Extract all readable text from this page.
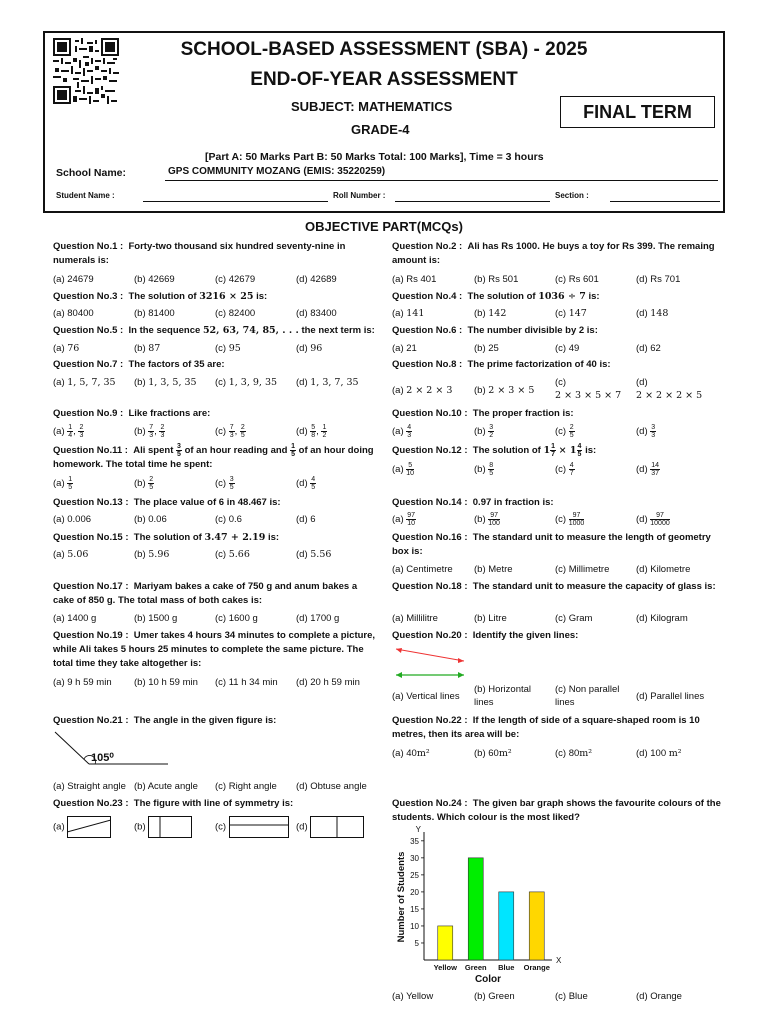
SCHOOL-BASED ASSESSMENT (SBA) - 2025
END-OF-YEAR ASSESSMENT
SUBJECT: MATHEMATICS
GRADE-4
FINAL TERM
[Part A: 50 Marks Part B: 50 Marks Total: 100 Marks], Time = 3 hours
School Name:	GPS COMMUNITY MOZANG (EMIS: 35220259)
Student Name :	Roll Number :	Section :
OBJECTIVE PART(MCQs)
Question No.1 : Forty-two thousand six hundred seventy-nine in numerals is:
(a) 24679	(b) 42669	(c) 42679	(d) 42689
Question No.2 : Ali has Rs 1000. He buys a toy for Rs 399. The remaing amount is:
(a) Rs 401	(b) Rs 501	(c) Rs 601	(d) Rs 701
Question No.3 : The solution of 3216 × 25 is:
(a) 80400	(b) 81400	(c) 82400	(d) 83400
Question No.4 : The solution of 1036 ÷ 7 is:
(a) 141	(b) 142	(c) 147	(d) 148
Question No.5 : In the sequence 52, 63, 74, 85, . . . the next term is:
(a) 76	(b) 87	(c) 95	(d) 96
Question No.6 : The number divisible by 2 is:
(a) 21	(b) 25	(c) 49	(d) 62
Question No.7 : The factors of 35 are:
(a) 1, 5, 7, 35 (b) 1, 3, 5, 35 (c) 1, 3, 9, 35 (d) 1, 3, 7, 35
Question No.8 : The prime factorization of 40 is:
(a) 2 × 2 × 3 (b) 2 × 3 × 5
(c)
2 × 3 × 5 × 7
(d)
2 × 2 × 2 × 5
Question No.9 : Like fractions are:
$(a) \frac{1}{4}$ , $\frac{2}{3}$	$(b) \frac{7}{3}$ , $\frac{2}{3}$	$(c) \frac{7}{3}$ , $\frac{2}{5}$	$(d) \frac{5}{8}$ , $\frac{1}{2}$
Question No.10 : The proper fraction is:
$(a) \frac{4}{3}$	$(b) \frac{3}{2}$	$(c) \frac{2}{5}$	$(d) \frac{3}{3}$
Question No.11 : Ali spent $\frac{3}{5}$ of an hour reading and $\frac{1}{5}$ of an hour doing homework. The total time he spent:
$(a) \frac{1}{5}$	$(b) \frac{2}{5}$	$(c) \frac{3}{5}$	$(d) \frac{4}{5}$
Question No.12 : The solution of $1 \frac{1}{7} \times 1 \frac{4}{5}$ is:
$(a) \frac{5}{10}$	$(b) \frac{8}{5}$	$(c) \frac{4}{7}$	$(d) \frac{14}{37}$
Question No.13 : The place value of 6 in 48.467 is:
(a) 0.006	(b) 0.06	(c) 0.6	(d) 6
Question No.14 : 0.97 in fraction is:
$(a) \frac{97}{10}$	$(b) \frac{97}{100}$	$(c) \frac{97}{1000}$	$(d) \frac{97}{10000}$
Question No.15 : The solution of 3.47 + 2.19 is:
(a) 5.06	(b) 5.96	(c) 5.66	(d) 5.56
Question No.16 : The standard unit to measure the length of geometry box is:
(a) Centimetre (b) Metre	(c) Millimetre	(d) Kilometre
Question No.17 : Mariyam bakes a cake of 750 g and anum bakes a cake of 850 g. The total mass of both cakes is:
(a) 1400 g	(b) 1500 g	(c) 1600 g	(d) 1700 g
Question No.18 : The standard unit to measure the capacity of glass is:
(a) Millilitre	(b) Litre	(c) Gram	(d) Kilogram
Question No.19 : Umer takes 4 hours 34 minutes to complete a picture, while Ali takes 5 hours 25 minutes to complete the same picture. The total time they take altogether is:
(a) 9 h 59 min (b) 10 h 59 min (c) 11 h 34 min (d) 20 h 59 min
Question No.20 : Identify the given lines:
(a) Vertical lines
(b) Horizontal lines
(c) Non parallel lines
(d) Parallel lines
Question No.21 : The angle in the given figure is:
105⁰
(a) Straight angle (b) Acute angle (c) Right angle (d) Obtuse angle
Question No.22 : If the length of side of a square-shaped room is 10 metres, then its area will be:
(a) 40m²	(b) 60m²	(c) 80m²	(d) 100 m²
Question No.23 : The figure with line of symmetry is:
(a)	(b)	(c)	(d)
Question No.24 : The given bar graph shows the favourite colours of the students. Which colour is the most liked?
Y
X
5
10
15
20
25
30
35
Yellow Green Blue Orange
Color
Number of Students
(a) Yellow	(b) Green	(c) Blue	(d) Orange
